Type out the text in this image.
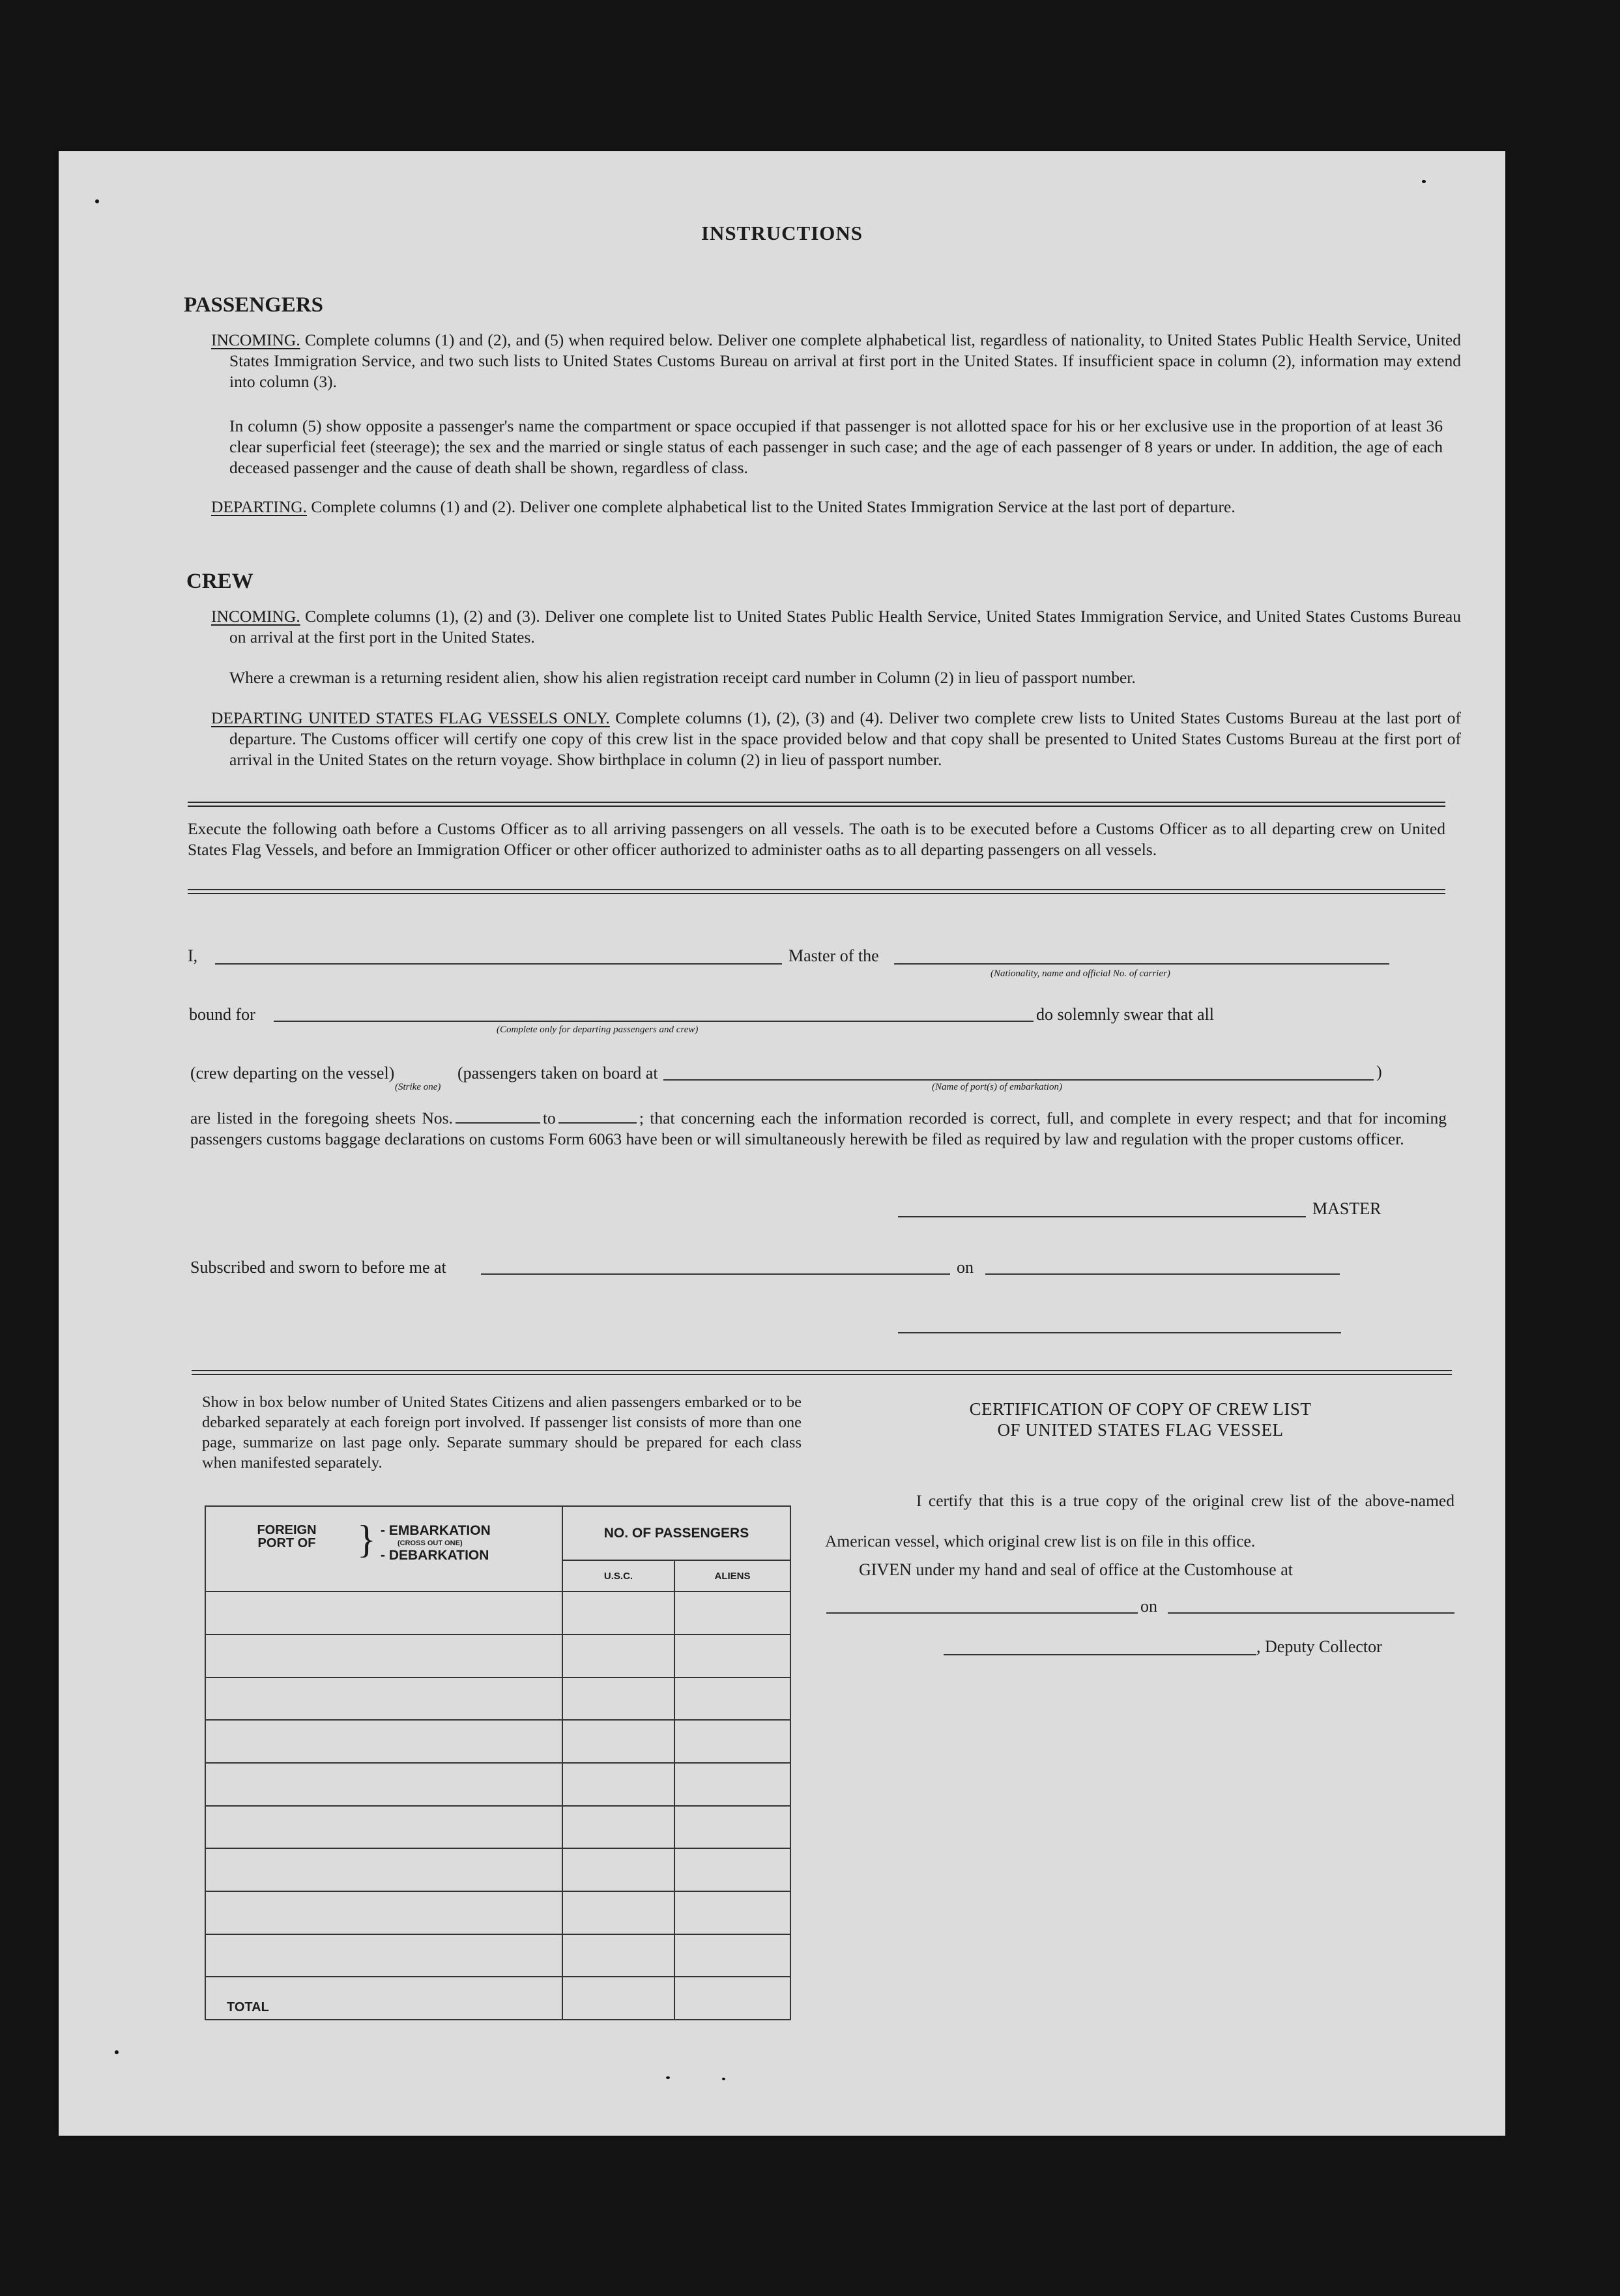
INSTRUCTIONS
PASSENGERS
INCOMING. Complete columns (1) and (2), and (5) when required below. Deliver one complete alphabetical list, regardless of nationality, to United States Public Health Service, United States Immigration Service, and two such lists to United States Customs Bureau on arrival at first port in the United States. If insufficient space in column (2), information may extend into column (3).
In column (5) show opposite a passenger's name the compartment or space occupied if that passenger is not allotted space for his or her exclusive use in the proportion of at least 36 clear superficial feet (steerage); the sex and the married or single status of each passenger in such case; and the age of each passenger of 8 years or under. In addition, the age of each deceased passenger and the cause of death shall be shown, regardless of class.
DEPARTING. Complete columns (1) and (2). Deliver one complete alphabetical list to the United States Immigration Service at the last port of departure.
CREW
INCOMING. Complete columns (1), (2) and (3). Deliver one complete list to United States Public Health Service, United States Immigration Service, and United States Customs Bureau on arrival at the first port in the United States.
Where a crewman is a returning resident alien, show his alien registration receipt card number in Column (2) in lieu of passport number.
DEPARTING UNITED STATES FLAG VESSELS ONLY. Complete columns (1), (2), (3) and (4). Deliver two complete crew lists to United States Customs Bureau at the last port of departure. The Customs officer will certify one copy of this crew list in the space provided below and that copy shall be presented to United States Customs Bureau at the first port of arrival in the United States on the return voyage. Show birthplace in column (2) in lieu of passport number.
Execute the following oath before a Customs Officer as to all arriving passengers on all vessels. The oath is to be executed before a Customs Officer as to all departing crew on United States Flag Vessels, and before an Immigration Officer or other officer authorized to administer oaths as to all departing passengers on all vessels.
I,	Master of the
(Nationality, name and official No. of carrier)
bound for
(Complete only for departing passengers and crew)
do solemnly swear that all
(crew departing on the vessel)	(passengers taken on board at	)
(Strike one)	(Name of port(s) of embarkation)
are listed in the foregoing sheets Nos.	to	; that concerning each the information recorded is correct, full, and complete in every respect; and that for incoming passengers customs baggage declarations on customs Form 6063 have been or will simultaneously herewith be filed as required by law and regulation with the proper customs officer.
MASTER
Subscribed and sworn to before me at	on
Show in box below number of United States Citizens and alien passengers embarked or to be debarked separately at each foreign port involved. If passenger list consists of more than one page, summarize on last page only. Separate summary should be prepared for each class when manifested separately.
FOREIGN PORT OF } - EMBARKATION
(CROSS OUT ONE)
- DEBARKATION	NO. OF PASSENGERS	
	U.S.C.	ALIENS

TOTAL		
CERTIFICATION OF COPY OF CREW LIST
OF UNITED STATES FLAG VESSEL
I certify that this is a true copy of the original crew list of the above-named American vessel, which original crew list is on file in this office.
GIVEN under my hand and seal of office at the Customhouse at
on
, Deputy Collector
